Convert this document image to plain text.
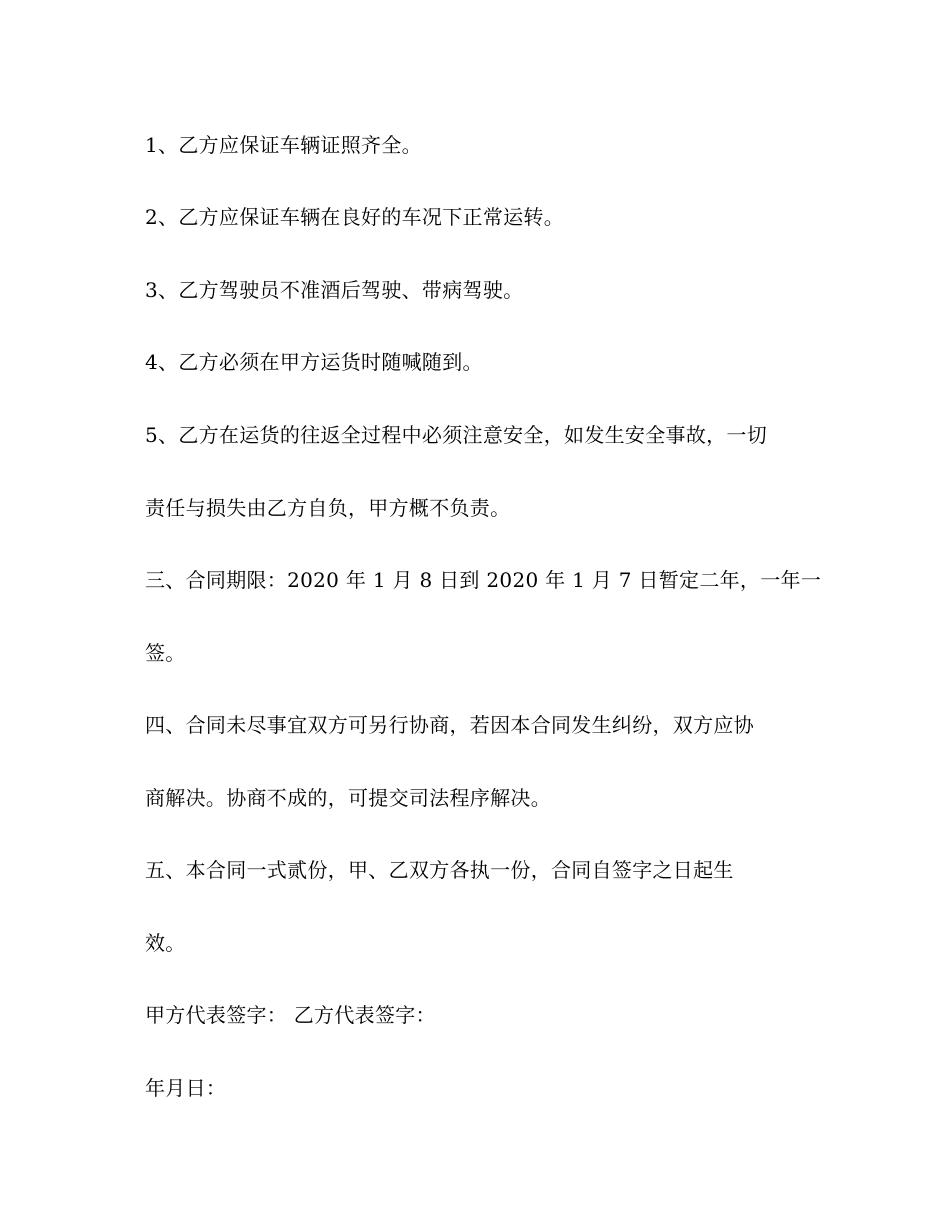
1、乙方应保证车辆证照齐全。
2、乙方应保证车辆在良好的车况下正常运转。
3、乙方驾驶员不准酒后驾驶、带病驾驶。
4、乙方必须在甲方运货时随喊随到。
5、乙方在运货的往返全过程中必须注意安全，如发生安全事故，一切
责任与损失由乙方自负，甲方概不负责。
三、合同期限：2020 年 1 月 8 日到 2020 年 1 月 7 日暂定二年，一年一
签。
四、合同未尽事宜双方可另行协商，若因本合同发生纠纷，双方应协
商解决。协商不成的，可提交司法程序解决。
五、本合同一式贰份，甲、乙双方各执一份，合同自签字之日起生
效。
甲方代表签字： 乙方代表签字：
年月日：
